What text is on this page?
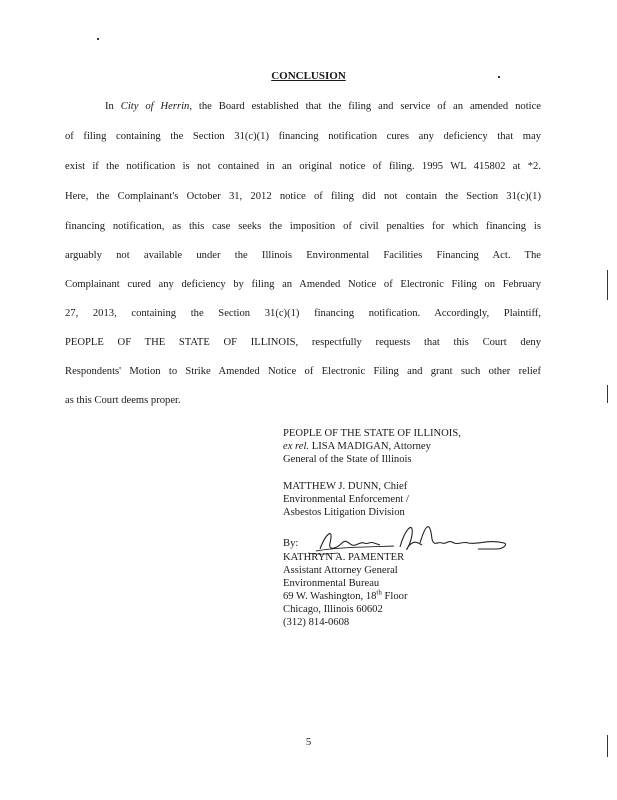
CONCLUSION
In City of Herrin, the Board established that the filing and service of an amended notice
of filing containing the Section 31(c)(1) financing notification cures any deficiency that may
exist if the notification is not contained in an original notice of filing. 1995 WL 415802 at *2.
Here, the Complainant's October 31, 2012 notice of filing did not contain the Section 31(c)(1)
financing notification, as this case seeks the imposition of civil penalties for which financing is
arguably not available under the Illinois Environmental Facilities Financing Act. The
Complainant cured any deficiency by filing an Amended Notice of Electronic Filing on February
27, 2013, containing the Section 31(c)(1) financing notification. Accordingly, Plaintiff,
PEOPLE OF THE STATE OF ILLINOIS, respectfully requests that this Court deny
Respondents' Motion to Strike Amended Notice of Electronic Filing and grant such other relief
as this Court deems proper.
PEOPLE OF THE STATE OF ILLINOIS,
ex rel. LISA MADIGAN, Attorney
General of the State of Illinois
MATTHEW J. DUNN, Chief
Environmental Enforcement /
Asbestos Litigation Division
By:
KATHRYN A. PAMENTER
Assistant Attorney General
Environmental Bureau
69 W. Washington, 18th Floor
Chicago, Illinois 60602
(312) 814-0608
5
